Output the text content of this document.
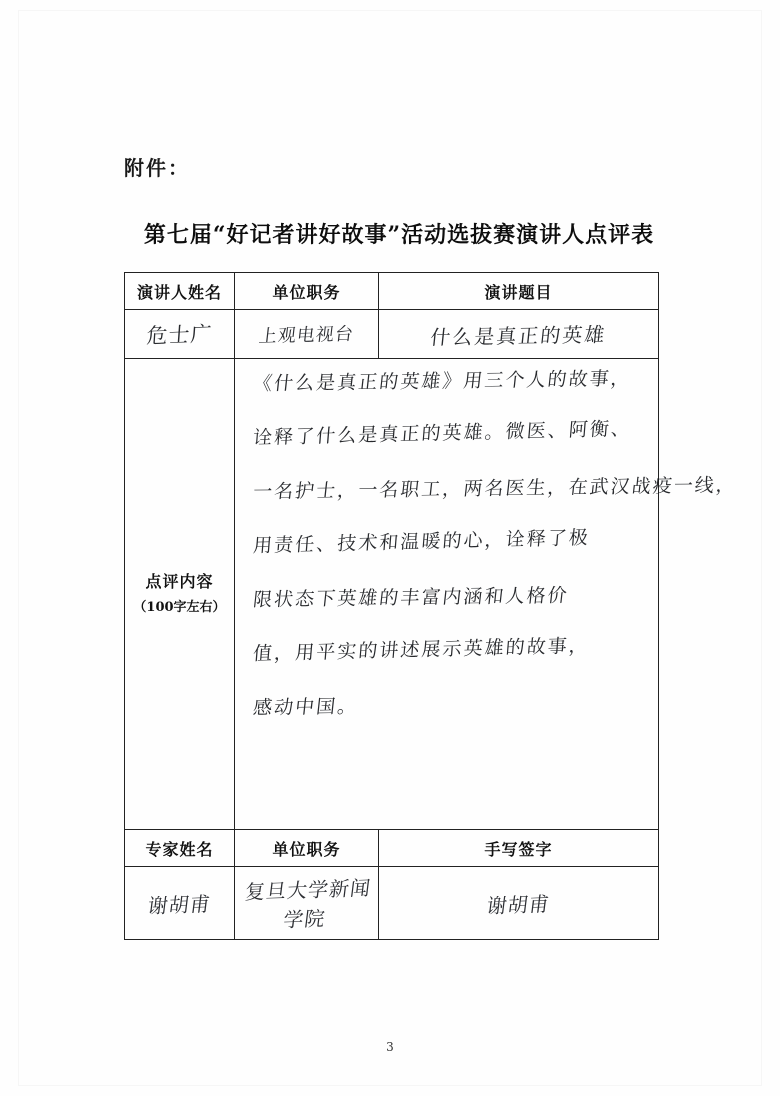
附件：
第七届“好记者讲好故事”活动选拔赛演讲人点评表
演讲人姓名	单位职务	演讲题目

危士广	上观电视台	什么是真正的英雄

点评内容
（100字左右）

《什么是真正的英雄》用三个人的故事，
诠释了什么是真正的英雄。微医、阿衡、
一名护士，一名职工，两名医生，在武汉战疫一线，
用责任、技术和温暖的心，诠释了极
限状态下英雄的丰富内涵和人格价
值，用平实的讲述展示英雄的故事，
感动中国。

专家姓名	单位职务	手写签字

谢胡甫	复旦大学新闻学院	谢胡甫
3
